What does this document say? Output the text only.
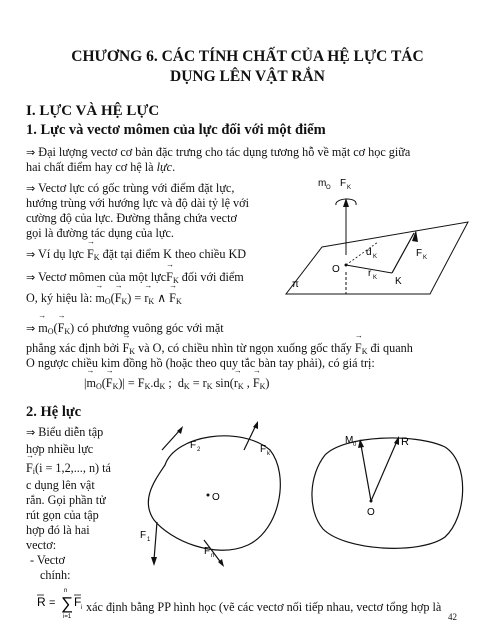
CHƯƠNG 6. CÁC TÍNH CHẤT CỦA HỆ LỰC TÁC
DỤNG LÊN VẬT RẮN
I. LỰC VÀ HỆ LỰC
1. Lực và vectơ mômen của lực đối với một điểm
⇒ Đại lượng vectơ cơ bản đặc trưng cho tác dụng tương hỗ về mặt cơ học giữa
hai chất điểm hay cơ hệ là lực.
⇒ Vectơ lực có gốc trùng với điểm đặt lực,
hướng trùng với hướng lực và độ dài tỷ lệ với
cường độ của lực. Đường thẳng chứa vectơ
gọi là đường tác dụng của lực.
⇒ Ví dụ lực → $F_K$ đặt tại điểm K theo chiều KD
⇒ Vectơ mômen của một lực→ $F_K$ đối với điểm
O, ký hiệu là: → $m_O(\to F_K)$ = → $r_K$ ∧ → $F_K$
⇒ → $m_O(\to F_K)$ có phương vuông góc với mặt
phẳng xác định bởi → $F_K$ và O, có chiều nhìn từ ngọn xuống gốc thấy → $F_K$ đi quanh
O ngược chiều kim đồng hồ (hoặc theo quy tắc bàn tay phải), có giá trị:
|→ $m_O(\to F_K)| = F_K.d_K$ ;  $d_K = r_K$ $\sin(\to r_K$ , → $F_K$)
2. Hệ lực
⇒ Biểu diễn tập
hợp nhiều lực
→ $F_i(i = 1,2$,..., n) tá
c dụng lên vật
rắn. Gọi phần tử
rút gọn của tập
hợp đó là hai
vectơ:
- Vectơ
chính:
R = ∑
n
i=1
F i xác định bằng PP hình học (vẽ các vectơ nối tiếp nhau, vectơ tổng hợp là
42
m O F K
d K	F K
r K K
O
π
F 2	F k
O
F 1
F n
M 0	R
O
